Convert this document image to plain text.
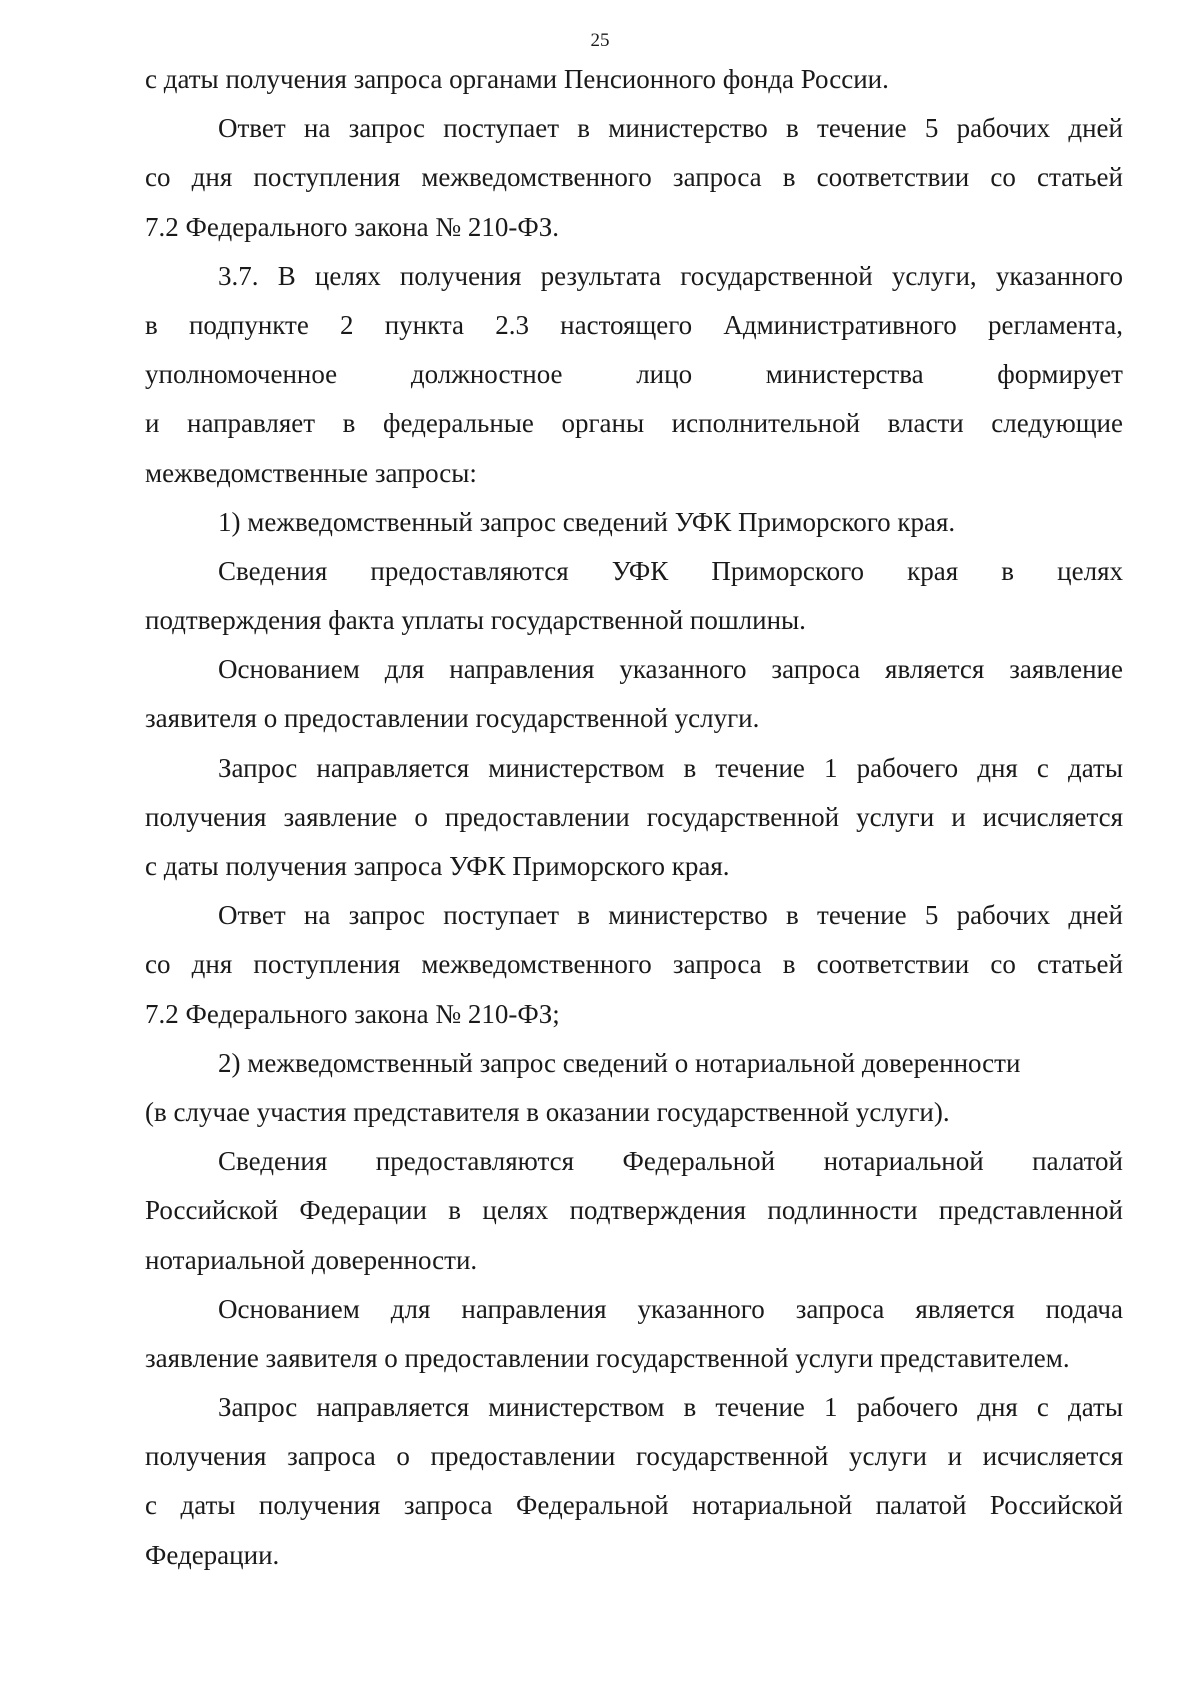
25
с даты получения запроса органами Пенсионного фонда России.
Ответ на запрос поступает в министерство в течение 5 рабочих дней
со дня поступления межведомственного запроса в соответствии со статьей
7.2 Федерального закона № 210-ФЗ.
3.7. В целях получения результата государственной услуги, указанного
в подпункте 2 пункта 2.3 настоящего Административного регламента,
уполномоченное должностное лицо министерства формирует
и направляет в федеральные органы исполнительной власти следующие
межведомственные запросы:
1) межведомственный запрос сведений УФК Приморского края.
Сведения предоставляются УФК Приморского края в целях
подтверждения факта уплаты государственной пошлины.
Основанием для направления указанного запроса является заявление
заявителя о предоставлении государственной услуги.
Запрос направляется министерством в течение 1 рабочего дня с даты
получения заявление о предоставлении государственной услуги и исчисляется
с даты получения запроса УФК Приморского края.
Ответ на запрос поступает в министерство в течение 5 рабочих дней
со дня поступления межведомственного запроса в соответствии со статьей
7.2 Федерального закона № 210-ФЗ;
2) межведомственный запрос сведений о нотариальной доверенности
(в случае участия представителя в оказании государственной услуги).
Сведения предоставляются Федеральной нотариальной палатой
Российской Федерации в целях подтверждения подлинности представленной
нотариальной доверенности.
Основанием для направления указанного запроса является подача
заявление заявителя о предоставлении государственной услуги представителем.
Запрос направляется министерством в течение 1 рабочего дня с даты
получения запроса о предоставлении государственной услуги и исчисляется
с даты получения запроса Федеральной нотариальной палатой Российской
Федерации.
